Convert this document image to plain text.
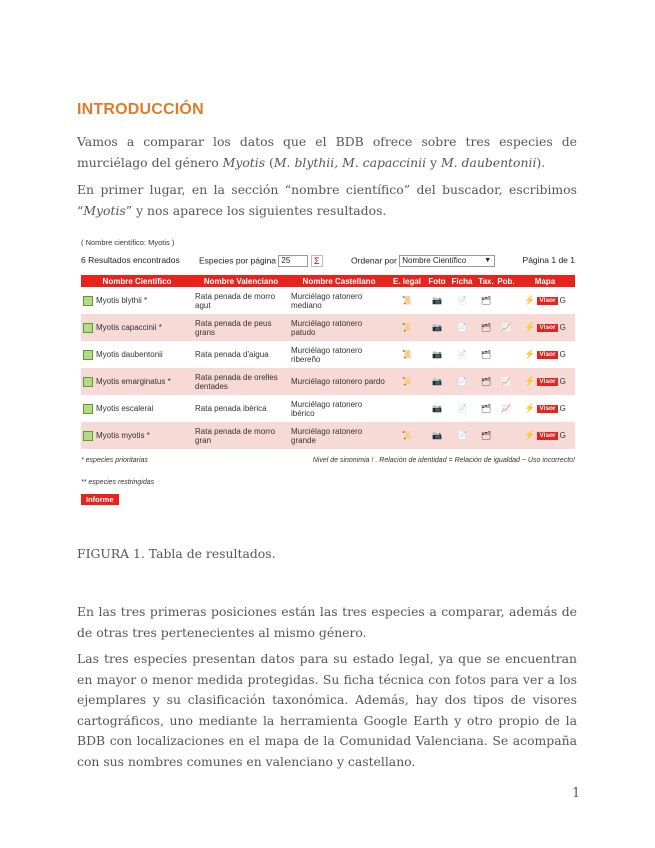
INTRODUCCIÓN
Vamos a comparar los datos que el BDB ofrece sobre tres especies de murciélago del género Myotis (M. blythii, M. capaccinii y M. daubentonii).
En primer lugar, en la sección “nombre científico” del buscador, escribimos “Myotis” y nos aparece los siguientes resultados.
( Nombre científico: Myotis )
6 Resultados encontrados Especies por página 25	Σ	Ordenar por Nombre Científico	▼	Página 1 de 1
Nombre Científico	Nombre Valenciano	Nombre Castellano	E. legal	Foto	Ficha	Tax.	Pob.	Mapa

Myotis blythii *	Rata penada de morro agut	Murciélago ratonero mediano	📜	📷	📄	🗂			⚡ Visor G

Myotis capaccinii *	Rata penada de peus grans	Murciélago ratonero patudo	📜	📷	📄	🗂	📈	⚡ Visor G

Myotis daubentonii	Rata penada d'aigua	Murciélago ratonero ribereño	📜	📷	📄	🗂			⚡ Visor G

Myotis emarginatus *	Rata penada de orelles dentades	Murciélago ratonero pardo	📜	📷	📄	🗂	📈	⚡ Visor G

Myotis escalerai	Rata penada ibèrica	Murciélago ratonero ibérico		📷	📄	🗂	📈	⚡ Visor G

Myotis myotis *	Rata penada de morro gran	Murciélago ratonero grande	📜	📷	📄	🗂			⚡ Visor G
* especies prioritarias	Nivel de sinonimia ! . Relación de identidad = Relación de igualdad ~ Uso incorrecto!
** especies restringidas
Informe
FIGURA 1. Tabla de resultados.
En las tres primeras posiciones están las tres especies a comparar, además de de otras tres pertenecientes al mismo género.
Las tres especies presentan datos para su estado legal, ya que se encuentran en mayor o menor medida protegidas. Su ficha técnica con fotos para ver a los ejemplares y su clasificación taxonómica. Además, hay dos tipos de visores cartográficos, uno mediante la herramienta Google Earth y otro propio de la BDB con localizaciones en el mapa de la Comunidad Valenciana. Se acompaña con sus nombres comunes en valenciano y castellano.
1
